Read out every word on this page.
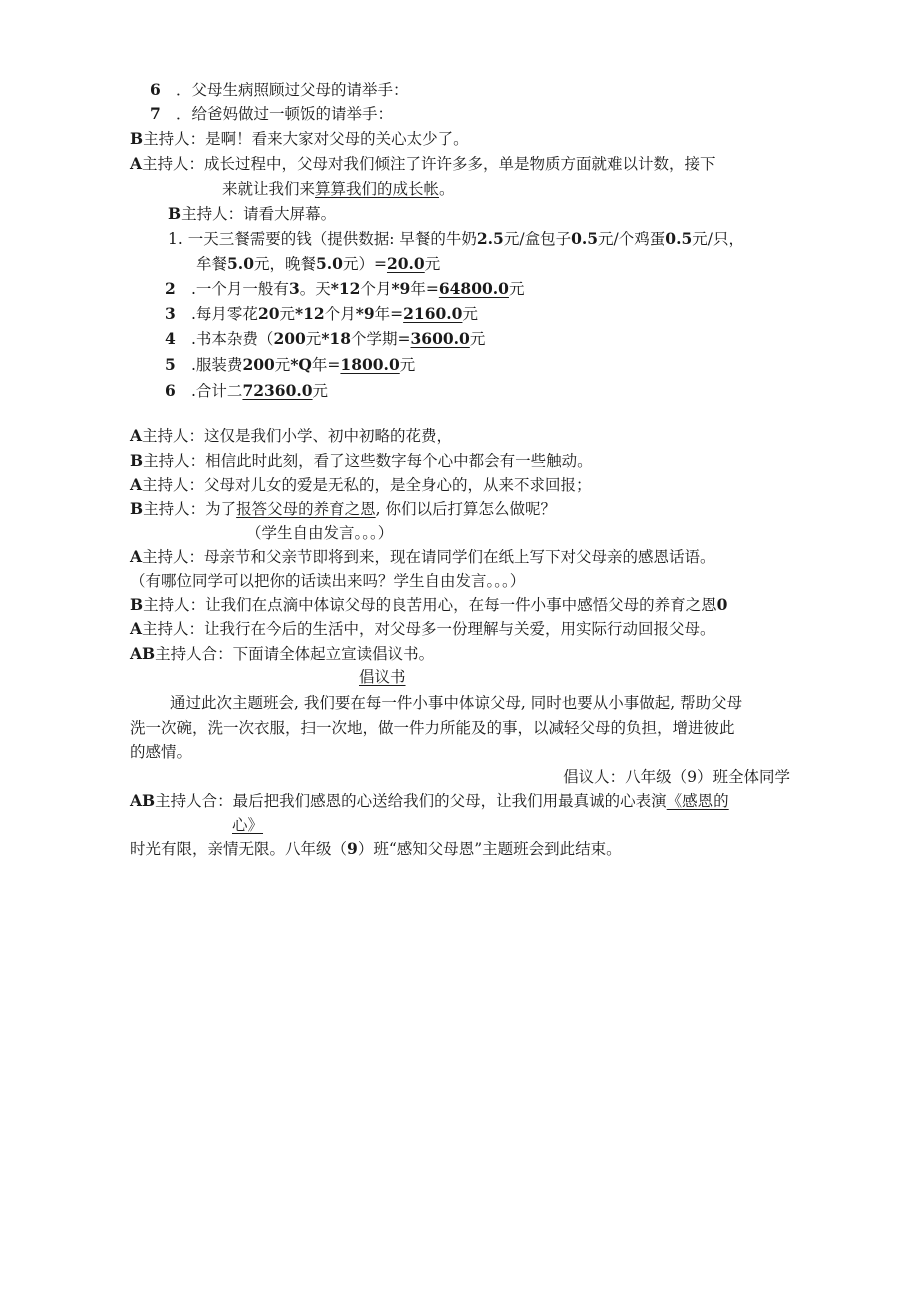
6 ．父母生病照顾过父母的请举手：
7 ．给爸妈做过一顿饭的请举手：
B主持人：是啊！看来大家对父母的关心太少了。
A主持人：成长过程中，父母对我们倾注了许许多多，单是物质方面就难以计数，接下
来就让我们来算算我们的成长帐。
B主持人：请看大屏幕。
1. 一天三餐需要的钱（提供数据: 早餐的牛奶2.5元/盒包子0.5元/个鸡蛋0.5元/只，
牟餐5.0元，晚餐5.0元）=20.0元
2 .一个月一般有3。天*12个月*9年=64800.0元
3 .每月零花20元*12个月*9年=2160.0元
4 .书本杂费（200元*18个学期=3600.0元
5 .服装费200元*Q年=1800.0元
6 .合计二72360.0元
A主持人：这仅是我们小学、初中初略的花费，
B主持人：相信此时此刻，看了这些数字每个心中都会有一些触动。
A主持人：父母对儿女的爱是无私的，是全身心的，从来不求回报；
B主持人：为了报答父母的养育之恩, 你们以后打算怎么做呢？
（学生自由发言。。。）
A主持人：母亲节和父亲节即将到来，现在请同学们在纸上写下对父母亲的感恩话语。
（有哪位同学可以把你的话读出来吗？学生自由发言。。。）
B主持人：让我们在点滴中体谅父母的良苦用心，在每一件小事中感悟父母的养育之恩0
A主持人：让我行在今后的生活中，对父母多一份理解与关爱，用实际行动回报父母。
AB主持人合：下面请全体起立宣读倡议书。
倡议书
通过此次主题班会, 我们要在每一件小事中体谅父母, 同时也要从小事做起, 帮助父母
洗一次碗，洗一次衣服，扫一次地，做一件力所能及的事，以减轻父母的负担，增进彼此
的感情。
倡议人：八年级（9）班全体同学
AB主持人合：最后把我们感恩的心送给我们的父母，让我们用最真诚的心表演《感恩的
心》
时光有限，亲情无限。八年级（9）班“感知父母恩”主题班会到此结束。
